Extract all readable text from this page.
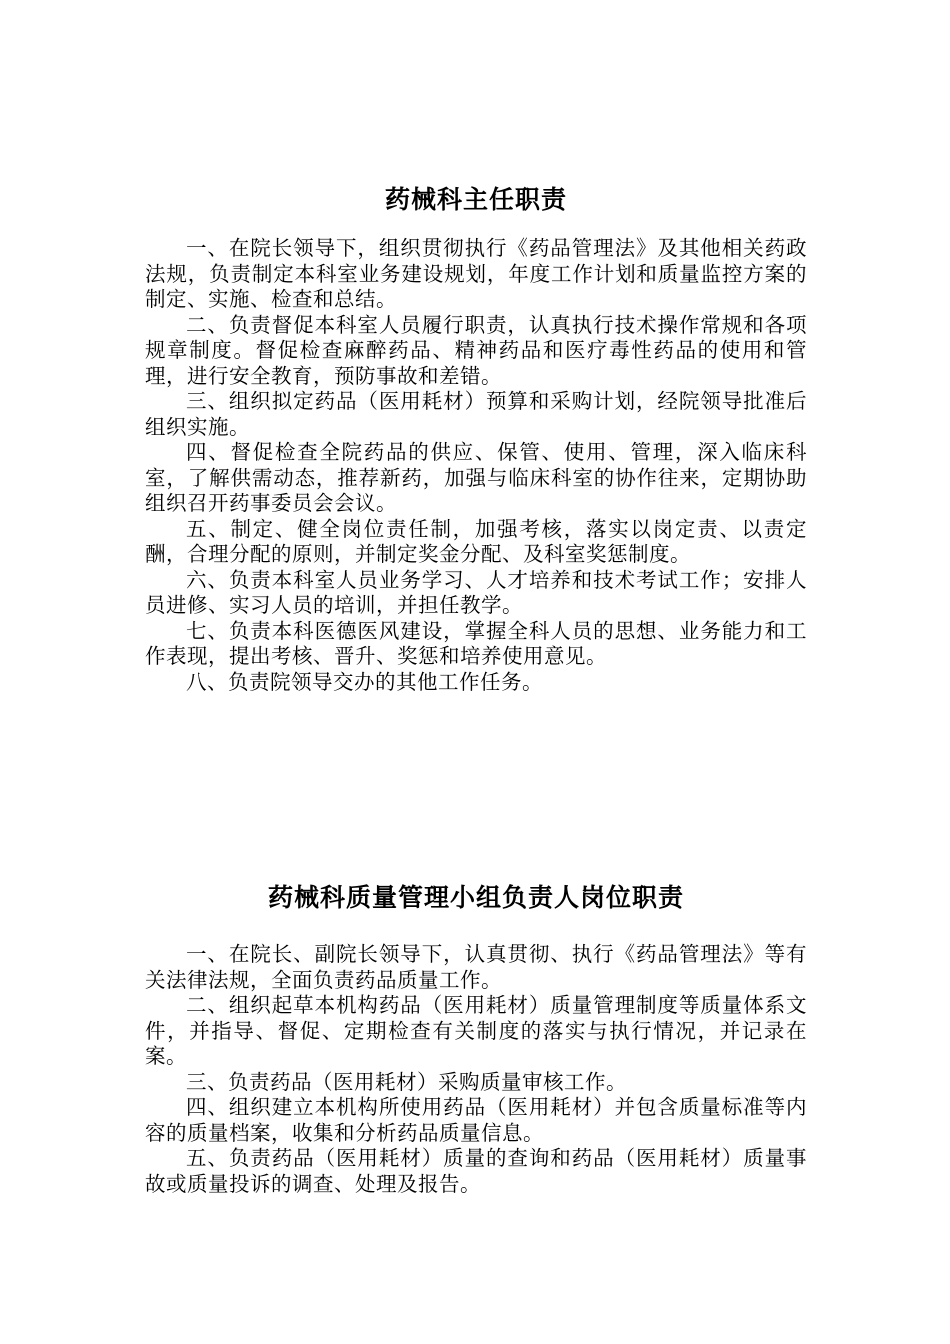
药械科主任职责

一、在院长领导下，组织贯彻执行《药品管理法》及其他相关药政法规，负责制定本科室业务建设规划，年度工作计划和质量监控方案的制定、实施、检查和总结。

二、负责督促本科室人员履行职责，认真执行技术操作常规和各项规章制度。督促检查麻醉药品、精神药品和医疗毒性药品的使用和管理，进行安全教育，预防事故和差错。

三、组织拟定药品（医用耗材）预算和采购计划，经院领导批准后组织实施。

四、督促检查全院药品的供应、保管、使用、管理，深入临床科室，了解供需动态，推荐新药，加强与临床科室的协作往来，定期协助组织召开药事委员会会议。

五、制定、健全岗位责任制，加强考核，落实以岗定责、以责定酬，合理分配的原则，并制定奖金分配、及科室奖惩制度。

六、负责本科室人员业务学习、人才培养和技术考试工作；安排人员进修、实习人员的培训，并担任教学。

七、负责本科医德医风建设，掌握全科人员的思想、业务能力和工作表现，提出考核、晋升、奖惩和培养使用意见。

八、负责院领导交办的其他工作任务。

药械科质量管理小组负责人岗位职责

一、在院长、副院长领导下，认真贯彻、执行《药品管理法》等有关法律法规，全面负责药品质量工作。

二、组织起草本机构药品（医用耗材）质量管理制度等质量体系文件，并指导、督促、定期检查有关制度的落实与执行情况，并记录在案。

三、负责药品（医用耗材）采购质量审核工作。

四、组织建立本机构所使用药品（医用耗材）并包含质量标准等内容的质量档案，收集和分析药品质量信息。

五、负责药品（医用耗材）质量的查询和药品（医用耗材）质量事故或质量投诉的调查、处理及报告。
